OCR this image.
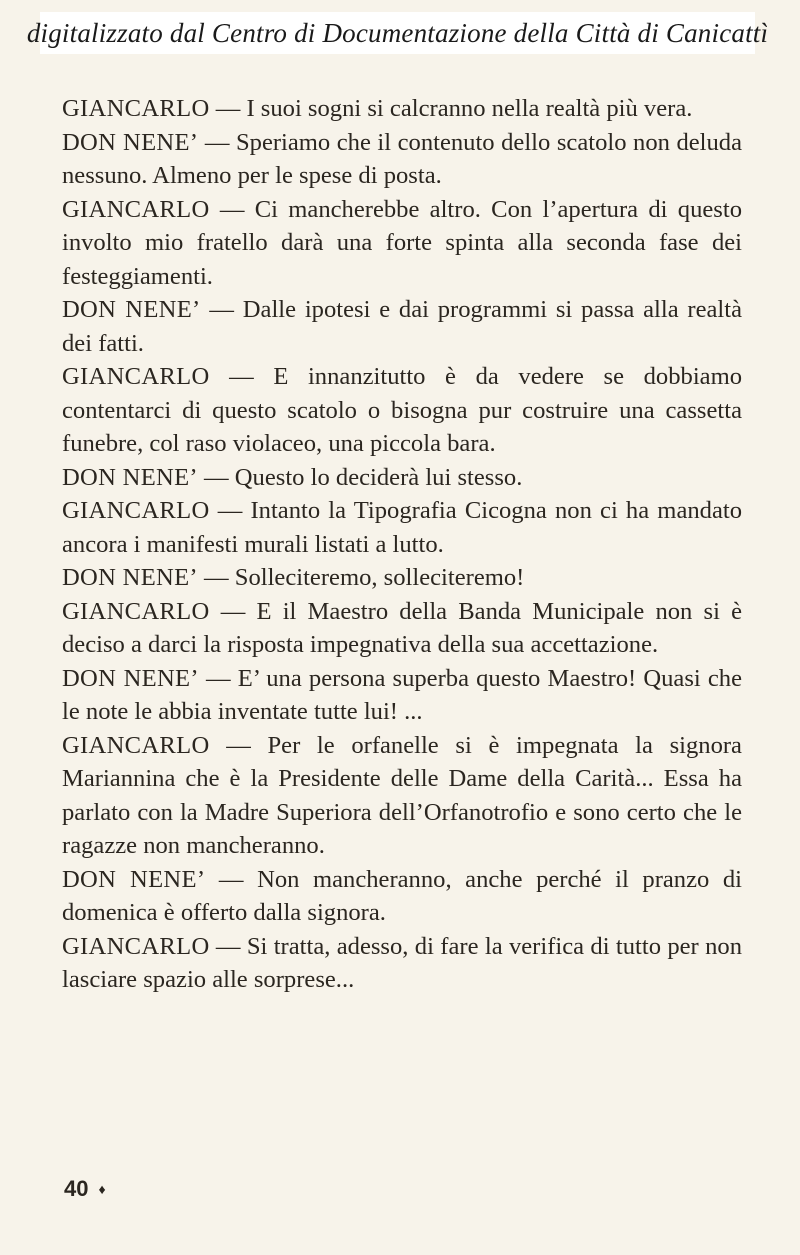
digitalizzato dal Centro di Documentazione della Città di Canicattì

GIANCARLO — I suoi sogni si calcranno nella realtà più vera.

DON NENE’ — Speriamo che il contenuto dello scatolo non deluda nessuno. Almeno per le spese di posta.

GIANCARLO — Ci mancherebbe altro. Con l’apertura di questo involto mio fratello darà una forte spinta alla seconda fase dei festeggiamenti.

DON NENE’ — Dalle ipotesi e dai programmi si passa alla realtà dei fatti.

GIANCARLO — E innanzitutto è da vedere se dobbiamo contentarci di questo scatolo o bisogna pur costruire una cassetta funebre, col raso violaceo, una piccola bara.

DON NENE’ — Questo lo deciderà lui stesso.

GIANCARLO — Intanto la Tipografia Cicogna non ci ha mandato ancora i manifesti murali listati a lutto.

DON NENE’ — Solleciteremo, solleciteremo!

GIANCARLO — E il Maestro della Banda Municipale non si è deciso a darci la risposta impegnativa della sua accettazione.

DON NENE’ — E’ una persona superba questo Maestro! Quasi che le note le abbia inventate tutte lui! ...

GIANCARLO — Per le orfanelle si è impegnata la signora Mariannina che è la Presidente delle Dame della Carità... Essa ha parlato con la Madre Superiora dell’Orfanotrofio e sono certo che le ragazze non mancheranno.

DON NENE’ — Non mancheranno, anche perché il pranzo di domenica è offerto dalla signora.

GIANCARLO — Si tratta, adesso, di fare la verifica di tutto per non lasciare spazio alle sorprese...

40 ♦
